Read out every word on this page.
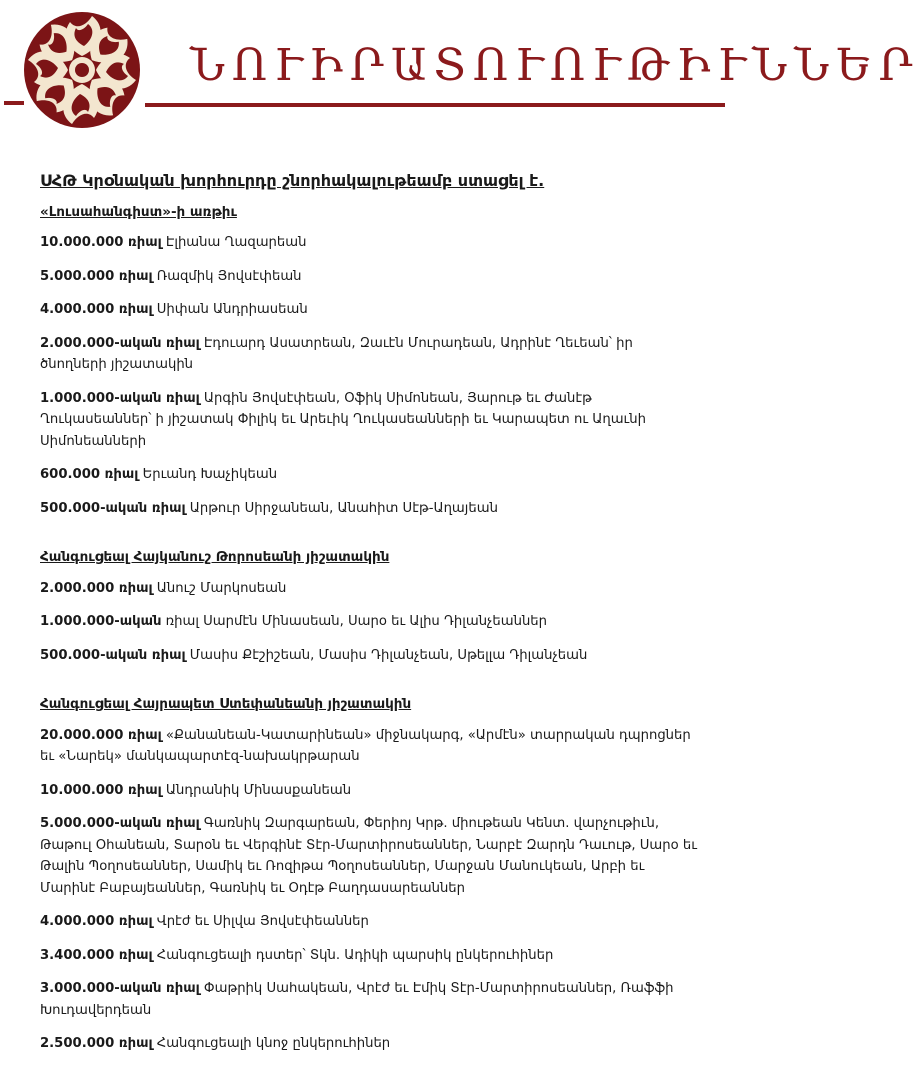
ՆՈՒԻՐԱՏՈՒՈՒԹԻՒՆՆԵՐ
ՍՀԹ Կրօնական խորհուրդը շնորհակալութեամբ ստացել է.
«Լուսահանգիստ»-ի առթիւ
10.000.000 ռիալ Էլիանա Ղազարեան
5.000.000 ռիալ Ռազմիկ Յովսէփեան
4.000.000 ռիալ Սիփան Անդրիասեան
2.000.000-ական ռիալ Էդուարդ Ասատրեան, Զաւէն Մուրադեան, Ադրինէ Ղեւեան՝ իր ծնողների յիշատակին
1.000.000-ական ռիալ Արգին Յովսէփեան, Օֆիկ Սիմոնեան, Յարութ եւ Ժանէթ Ղուկասեաններ՝ ի յիշատակ Փիլիկ եւ Արեւիկ Ղուկասեանների եւ Կարապետ ու Աղաւնի Սիմոնեանների
600.000 ռիալ Երւանդ Խաչիկեան
500.000-ական ռիալ Արթուր Սիրջանեան, Անահիտ Սէթ-Աղայեան
Հանգուցեալ Հայկանուշ Թորոսեանի յիշատակին
2.000.000 ռիալ Անուշ Մարկոսեան
1.000.000-ական ռիալ Սարմէն Մինասեան, Սարօ եւ Ալիս Դիլանչեաններ
500.000-ական ռիալ Մասիս Քէշիշեան, Մասիս Դիլանչեան, Սթելլա Դիլանչեան
Հանգուցեալ Հայրապետ Ստեփանեանի յիշատակին
20.000.000 ռիալ «Քանանեան-Կատարինեան» միջնակարգ, «Արմէն» տարրական դպրոցներ եւ «Նարեկ» մանկապարտէզ-նախակրթարան
10.000.000 ռիալ Անդրանիկ Մինասքանեան
5.000.000-ական ռիալ Գառնիկ Զարգարեան, Փերիոյ Կրթ. միութեան Կենտ. վարչութիւն, Թաթուլ Օհանեան, Տարօն եւ Վերգինէ Տէր-Մարտիրոսեաններ, Նարբէ Զարդն Դաւութ, Սարօ եւ Թալին Պօղոսեաններ, Սամիկ եւ Ռոզիթա Պօղոսեաններ, Մարջան Մանուկեան, Արբի եւ Մարինէ Բաբայեաններ, Գառնիկ եւ Օդէթ Բաղդասարեաններ
4.000.000 ռիալ Վրէժ եւ Սիլվա Յովսէփեաններ
3.400.000 ռիալ Հանգուցեալի դստեր՝ Տկն. Ադիկի պարսիկ ընկերուհիներ
3.000.000-ական ռիալ Փաթրիկ Սահակեան, Վրէժ եւ Էմիկ Տէր-Մարտիրոսեաններ, Ռաֆֆի Խուդավերդեան
2.500.000 ռիալ Հանգուցեալի կնոջ ընկերուհիներ
